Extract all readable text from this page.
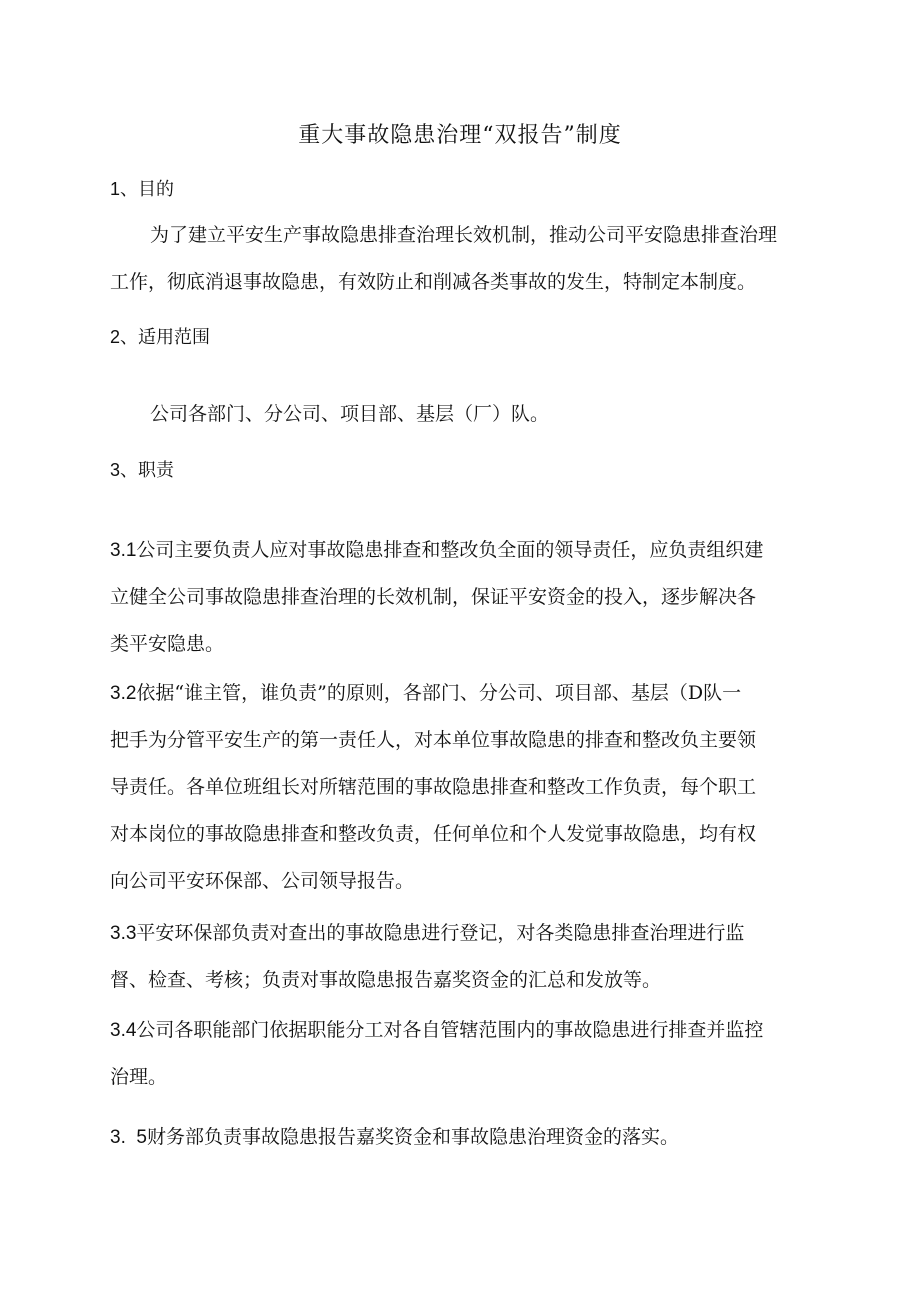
重大事故隐患治理“双报告”制度
1、目的
为了建立平安生产事故隐患排查治理长效机制，推动公司平安隐患排查治理
工作，彻底消退事故隐患，有效防止和削减各类事故的发生，特制定本制度。
2、适用范围
公司各部门、分公司、项目部、基层（厂）队。
3、职责
3.1公司主要负责人应对事故隐患排查和整改负全面的领导责任，应负责组织建
立健全公司事故隐患排查治理的长效机制，保证平安资金的投入，逐步解决各
类平安隐患。
3.2依据“谁主管，谁负责”的原则，各部门、分公司、项目部、基层（D队一
把手为分管平安生产的第一责任人，对本单位事故隐患的排查和整改负主要领
导责任。各单位班组长对所辖范围的事故隐患排查和整改工作负责，每个职工
对本岗位的事故隐患排查和整改负责，任何单位和个人发觉事故隐患，均有权
向公司平安环保部、公司领导报告。
3.3平安环保部负责对查出的事故隐患进行登记，对各类隐患排查治理进行监
督、检查、考核；负责对事故隐患报告嘉奖资金的汇总和发放等。
3.4公司各职能部门依据职能分工对各自管辖范围内的事故隐患进行排查并监控
治理。
3.  5财务部负责事故隐患报告嘉奖资金和事故隐患治理资金的落实。
